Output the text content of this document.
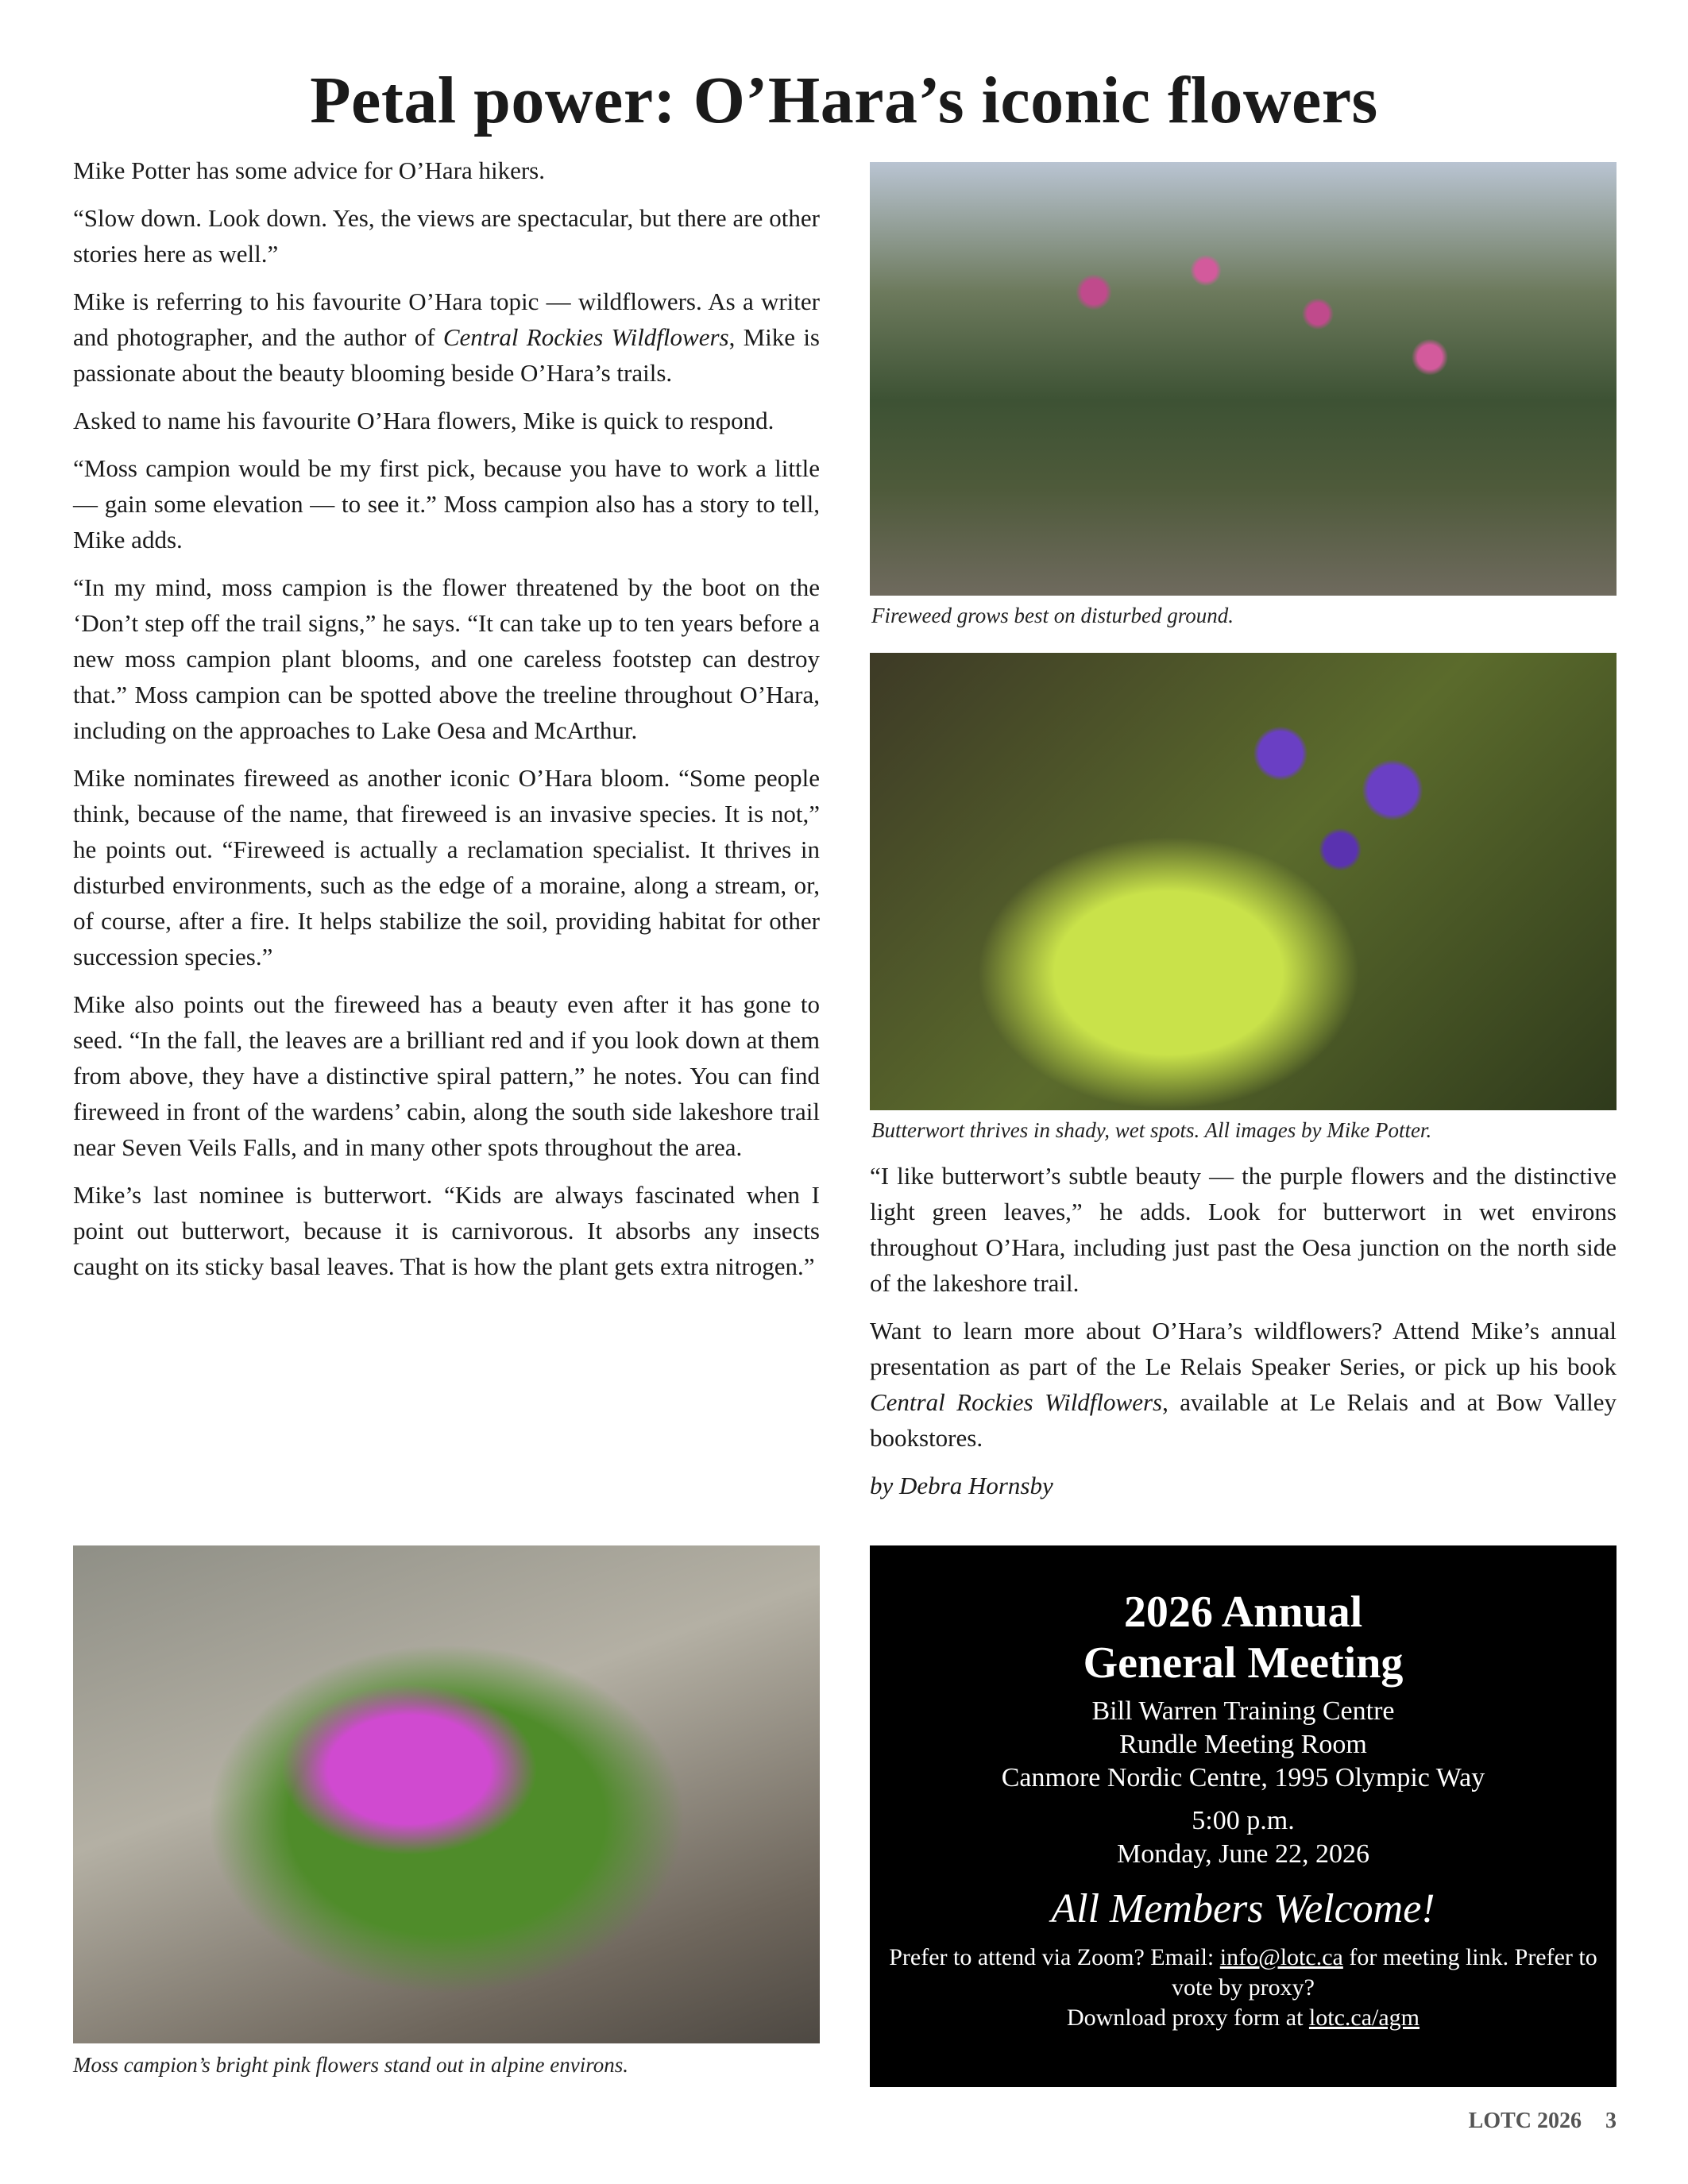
Petal power: O’Hara’s iconic flowers

Mike Potter has some advice for O’Hara hikers.

“Slow down. Look down. Yes, the views are spectacular, but there are other stories here as well.”

Mike is referring to his favourite O’Hara topic — wildflowers. As a writer and photographer, and the author of Central Rockies Wildflowers, Mike is passionate about the beauty blooming beside O’Hara’s trails.

Asked to name his favourite O’Hara flowers, Mike is quick to respond.

“Moss campion would be my first pick, because you have to work a little — gain some elevation — to see it.” Moss campion also has a story to tell, Mike adds.

“In my mind, moss campion is the flower threatened by the boot on the ‘Don’t step off the trail signs,” he says. “It can take up to ten years before a new moss campion plant blooms, and one careless footstep can destroy that.” Moss campion can be spotted above the treeline throughout O’Hara, including on the approaches to Lake Oesa and McArthur.

Mike nominates fireweed as another iconic O’Hara bloom. “Some people think, because of the name, that fireweed is an invasive species. It is not,” he points out. “Fireweed is actually a reclamation specialist. It thrives in disturbed environments, such as the edge of a moraine, along a stream, or, of course, after a fire. It helps stabilize the soil, providing habitat for other succession species.”

Mike also points out the fireweed has a beauty even after it has gone to seed. “In the fall, the leaves are a brilliant red and if you look down at them from above, they have a distinctive spiral pattern,” he notes. You can find fireweed in front of the wardens’ cabin, along the south side lakeshore trail near Seven Veils Falls, and in many other spots throughout the area.

Mike’s last nominee is butterwort. “Kids are always fascinated when I point out butterwort, because it is carnivorous. It absorbs any insects caught on its sticky basal leaves. That is how the plant gets extra nitrogen.”

Fireweed grows best on disturbed ground.
Butterwort thrives in shady, wet spots. All images by Mike Potter.

“I like butterwort’s subtle beauty — the purple flowers and the distinctive light green leaves,” he adds. Look for butterwort in wet environs throughout O’Hara, including just past the Oesa junction on the north side of the lakeshore trail.

Want to learn more about O’Hara’s wildflowers? Attend Mike’s annual presentation as part of the Le Relais Speaker Series, or pick up his book Central Rockies Wildflowers, available at Le Relais and at Bow Valley bookstores.

by Debra Hornsby

Moss campion’s bright pink flowers stand out in alpine environs.
2026 Annual
General Meeting
Bill Warren Training Centre
Rundle Meeting Room
Canmore Nordic Centre, 1995 Olympic Way
5:00 p.m.
Monday, June 22, 2026
All Members Welcome!
Prefer to attend via Zoom? Email: info@lotc.ca for meeting link. Prefer to vote by proxy?
Download proxy form at lotc.ca/agm
LOTC 2026 3
